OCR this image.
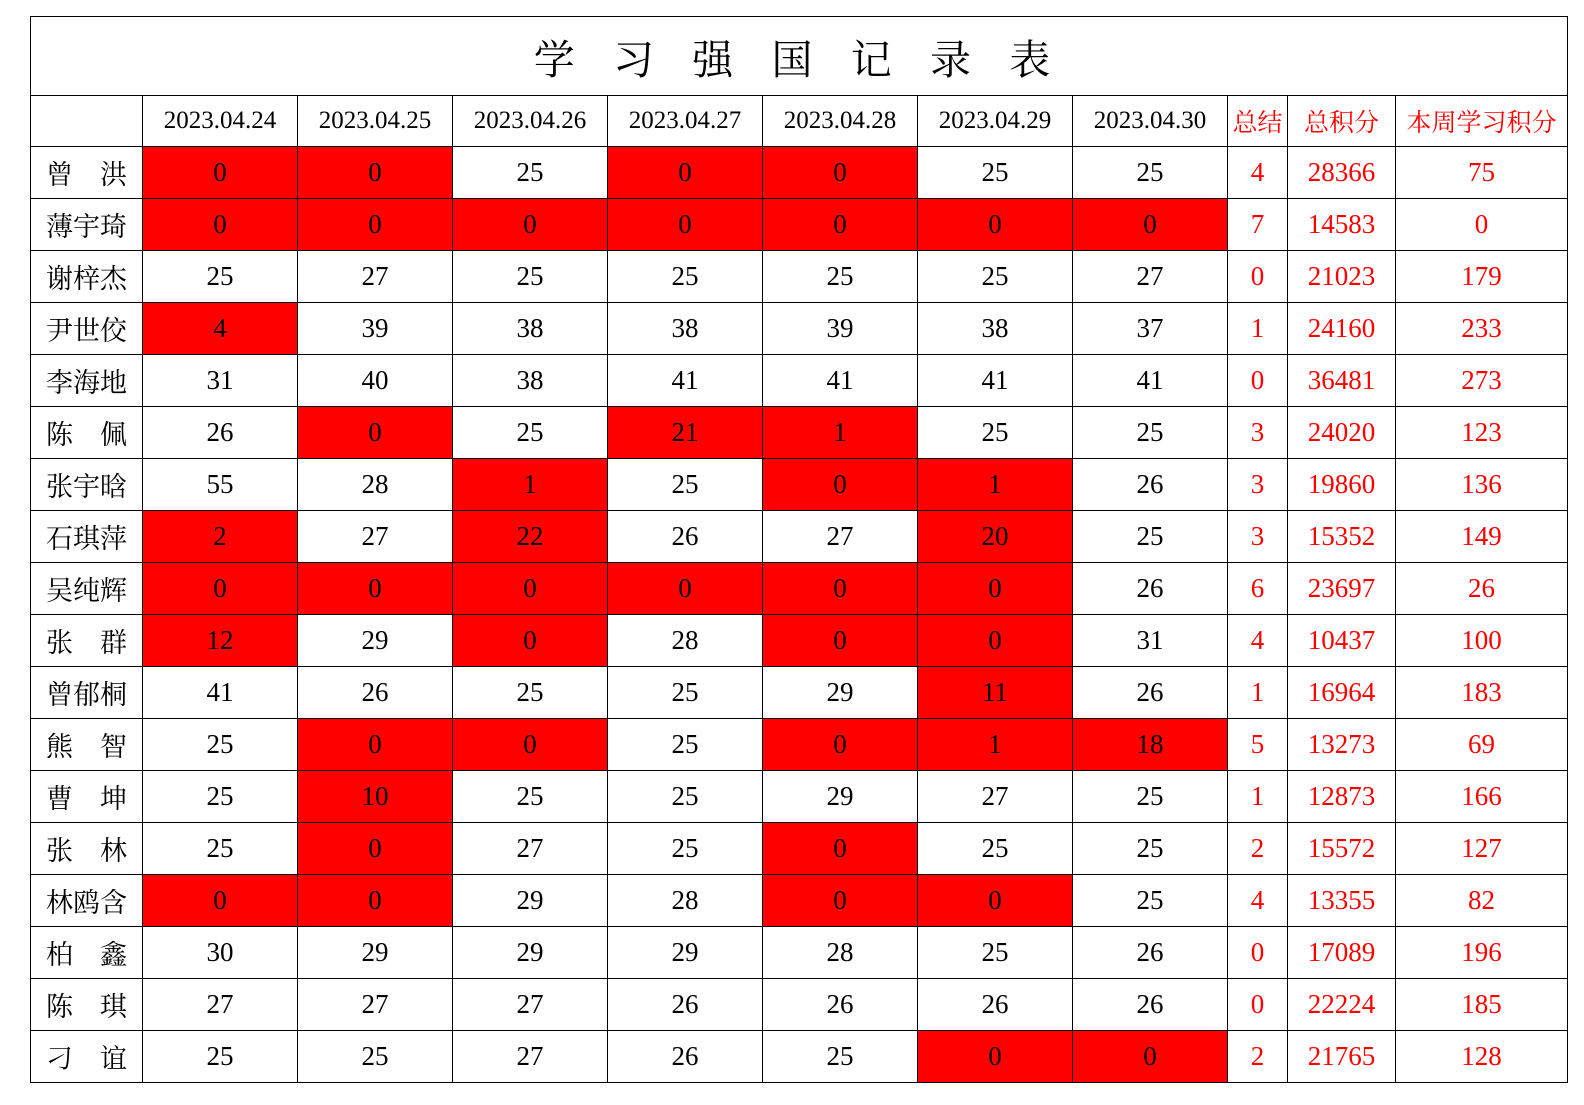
学 习 强 国 记 录 表										
	2023.04.24	2023.04.25	2023.04.26	2023.04.27	2023.04.28	2023.04.29	2023.04.30	总结	总积分	本周学习积分
曾　洪	0	0	25	0	0	25	25	4	28366	75
薄宇琦	0	0	0	0	0	0	0	7	14583	0
谢梓杰	25	27	25	25	25	25	27	0	21023	179
尹世佼	4	39	38	38	39	38	37	1	24160	233
李海地	31	40	38	41	41	41	41	0	36481	273
陈　佩	26	0	25	21	1	25	25	3	24020	123
张宇晗	55	28	1	25	0	1	26	3	19860	136
石琪萍	2	27	22	26	27	20	25	3	15352	149
吴纯辉	0	0	0	0	0	0	26	6	23697	26
张　群	12	29	0	28	0	0	31	4	10437	100
曾郁桐	41	26	25	25	29	11	26	1	16964	183
熊　智	25	0	0	25	0	1	18	5	13273	69
曹　坤	25	10	25	25	29	27	25	1	12873	166
张　林	25	0	27	25	0	25	25	2	15572	127
林鸥含	0	0	29	28	0	0	25	4	13355	82
柏　鑫	30	29	29	29	28	25	26	0	17089	196
陈　琪	27	27	27	26	26	26	26	0	22224	185
刁　谊	25	25	27	26	25	0	0	2	21765	128
